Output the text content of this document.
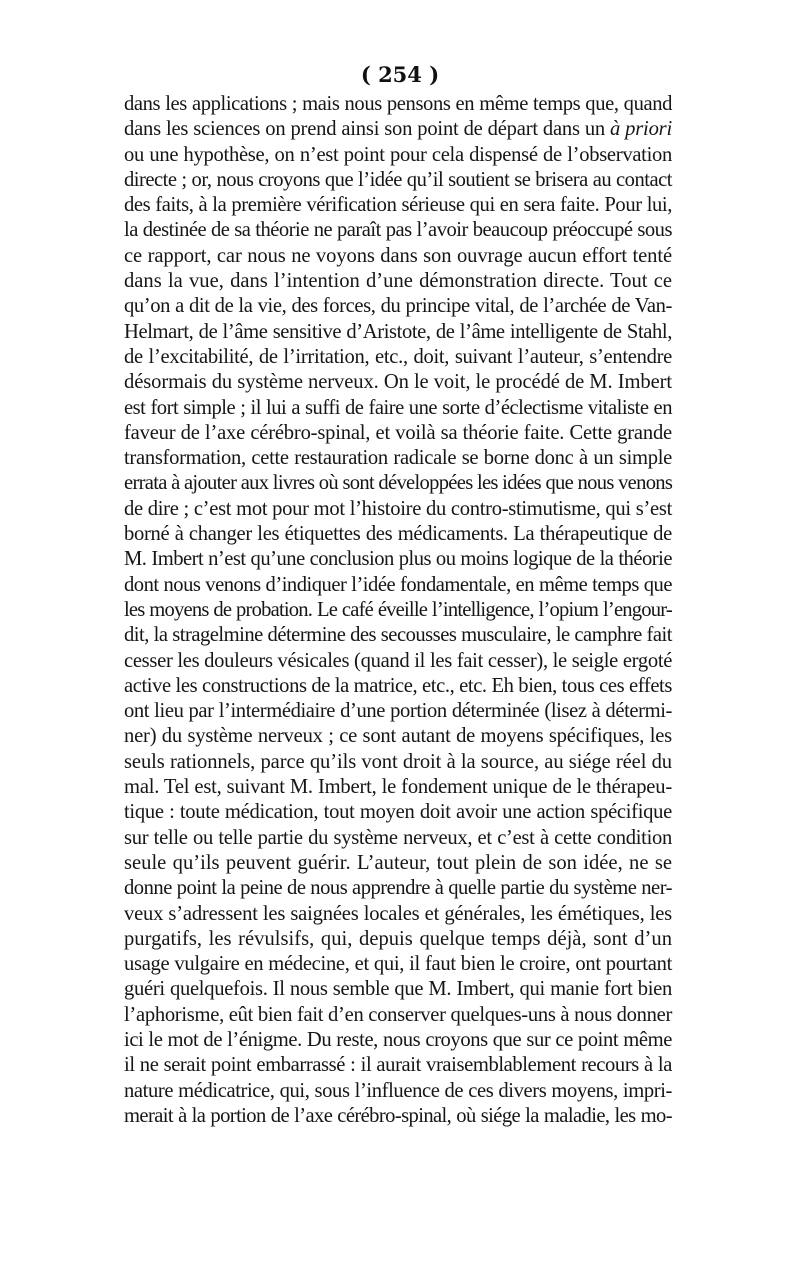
( 254 )

dans les applications ; mais nous pensons en même temps que, quand
dans les sciences on prend ainsi son point de départ dans un à priori
ou une hypothèse, on n’est point pour cela dispensé de l’observation
directe ; or, nous croyons que l’idée qu’il soutient se brisera au contact
des faits, à la première vérification sérieuse qui en sera faite. Pour lui,
la destinée de sa théorie ne paraît pas l’avoir beaucoup préoccupé sous
ce rapport, car nous ne voyons dans son ouvrage aucun effort tenté
dans la vue, dans l’intention d’une démonstration directe. Tout ce
qu’on a dit de la vie, des forces, du principe vital, de l’archée de Van-
Helmart, de l’âme sensitive d’Aristote, de l’âme intelligente de Stahl,
de l’excitabilité, de l’irritation, etc., doit, suivant l’auteur, s’entendre
désormais du système nerveux. On le voit, le procédé de M. Imbert
est fort simple ; il lui a suffi de faire une sorte d’éclectisme vitaliste en
faveur de l’axe cérébro-spinal, et voilà sa théorie faite. Cette grande
transformation, cette restauration radicale se borne donc à un simple
errata à ajouter aux livres où sont développées les idées que nous venons
de dire ; c’est mot pour mot l’histoire du contro-stimutisme, qui s’est
borné à changer les étiquettes des médicaments. La thérapeutique de
M. Imbert n’est qu’une conclusion plus ou moins logique de la théorie
dont nous venons d’indiquer l’idée fondamentale, en même temps que
les moyens de probation. Le café éveille l’intelligence, l’opium l’engour-
dit, la stragelmine détermine des secousses musculaire, le camphre fait
cesser les douleurs vésicales (quand il les fait cesser), le seigle ergoté
active les constructions de la matrice, etc., etc. Eh bien, tous ces effets
ont lieu par l’intermédiaire d’une portion déterminée (lisez à détermi-
ner) du système nerveux ; ce sont autant de moyens spécifiques, les
seuls rationnels, parce qu’ils vont droit à la source, au siége réel du
mal. Tel est, suivant M. Imbert, le fondement unique de le thérapeu-
tique : toute médication, tout moyen doit avoir une action spécifique
sur telle ou telle partie du système nerveux, et c’est à cette condition
seule qu’ils peuvent guérir. L’auteur, tout plein de son idée, ne se
donne point la peine de nous apprendre à quelle partie du système ner-
veux s’adressent les saignées locales et générales, les émétiques, les
purgatifs, les révulsifs, qui, depuis quelque temps déjà, sont d’un
usage vulgaire en médecine, et qui, il faut bien le croire, ont pourtant
guéri quelquefois. Il nous semble que M. Imbert, qui manie fort bien
l’aphorisme, eût bien fait d’en conserver quelques-uns à nous donner
ici le mot de l’énigme. Du reste, nous croyons que sur ce point même
il ne serait point embarrassé : il aurait vraisemblablement recours à la
nature médicatrice, qui, sous l’influence de ces divers moyens, impri-
merait à la portion de l’axe cérébro-spinal, où siége la maladie, les mo-
